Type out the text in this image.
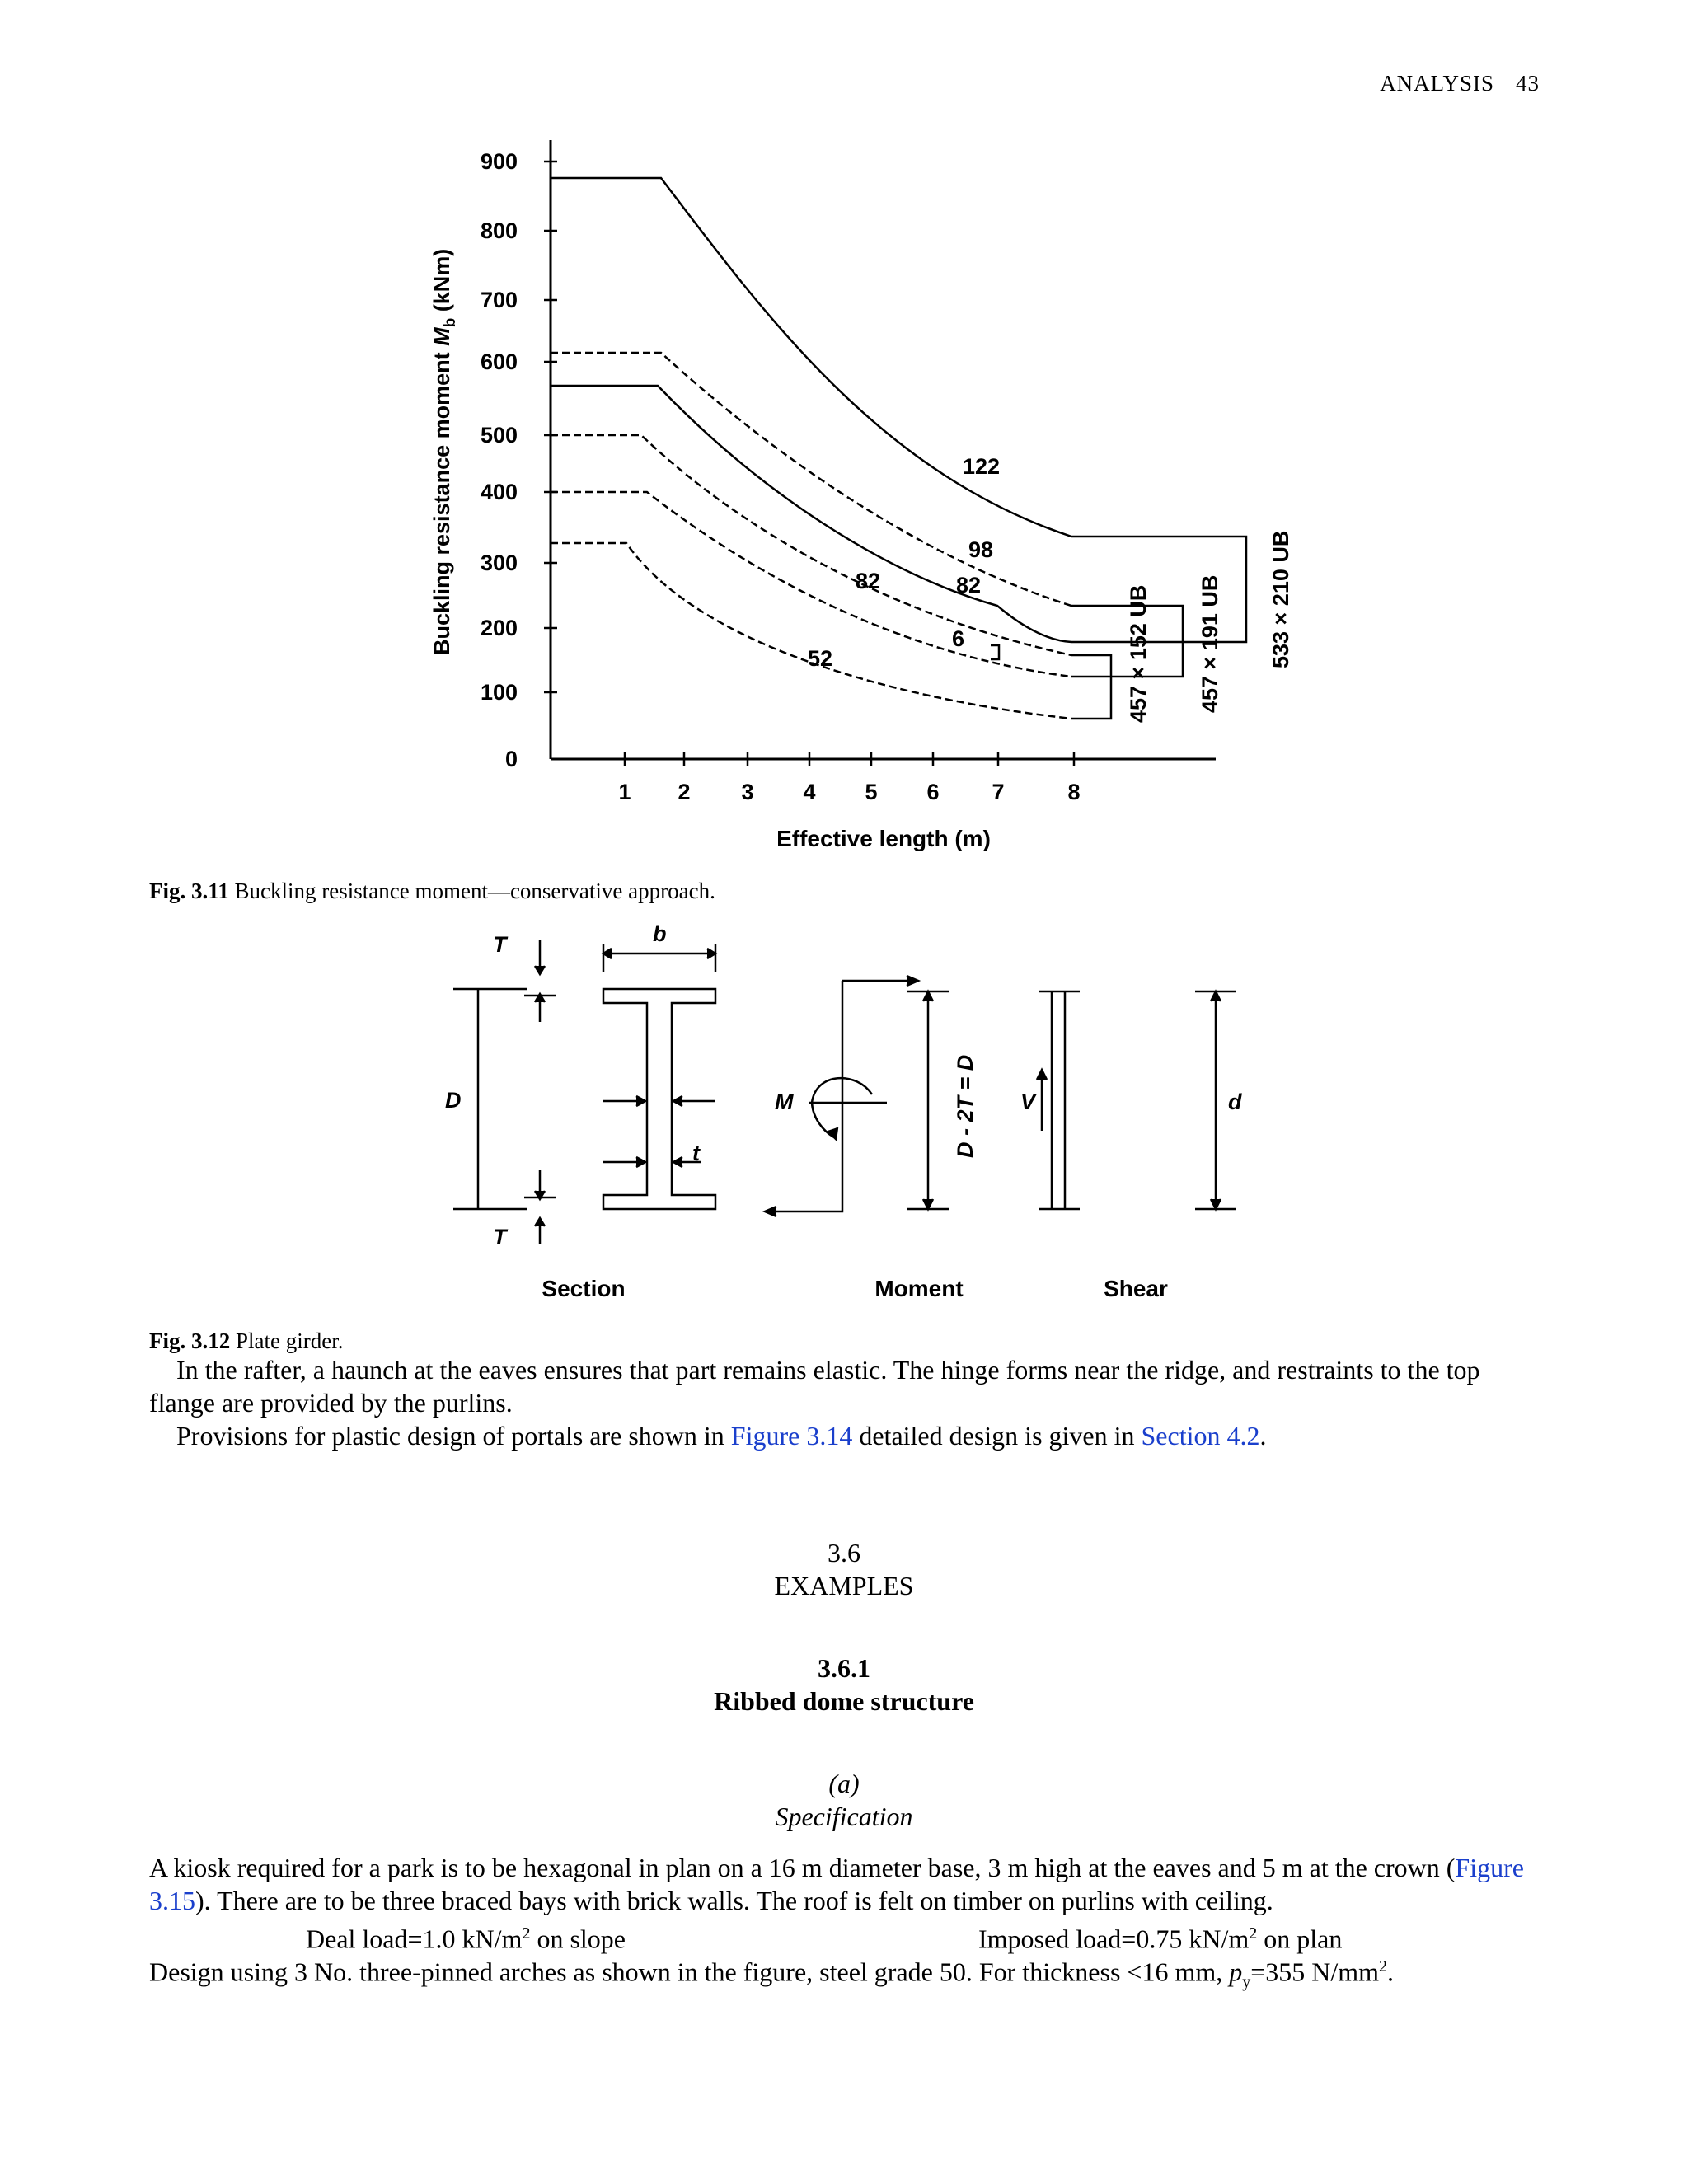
ANALYSIS 43
900
800
700
600
500
400
300
200
100
0
1 2 3 4 5 6 7	8
Effective length (m)
Buckling resistance moment $M_b$ (kNm)
122
98
82	82
6
52	457 × 152 UB 457 × 191 UB 533 × 210 UB
Fig. 3.11 Buckling resistance moment—conservative approach.
T
T
D
b
t
M	V	d
D - 2T = D
Section	Moment	Shear
Fig. 3.12 Plate girder.
In the rafter, a haunch at the eaves ensures that part remains elastic. The hinge forms near the ridge, and restraints to the top flange are provided by the purlins.
Provisions for plastic design of portals are shown in Figure 3.14 detailed design is given in Section 4.2.
3.6
EXAMPLES
3.6.1
Ribbed dome structure
(a)
Specification
A kiosk required for a park is to be hexagonal in plan on a 16 m diameter base, 3 m high at the eaves and 5 m at the crown (Figure 3.15). There are to be three braced bays with brick walls. The roof is felt on timber on purlins with ceiling.
Deal load=1.0 $kN/m^2$ on slope	Imposed load=0.75 $kN/m^2$ on plan
Design using 3 No. three-pinned arches as shown in the figure, steel grade 50. For thickness <16 mm, $p_y=355$ $N/mm^2$.
